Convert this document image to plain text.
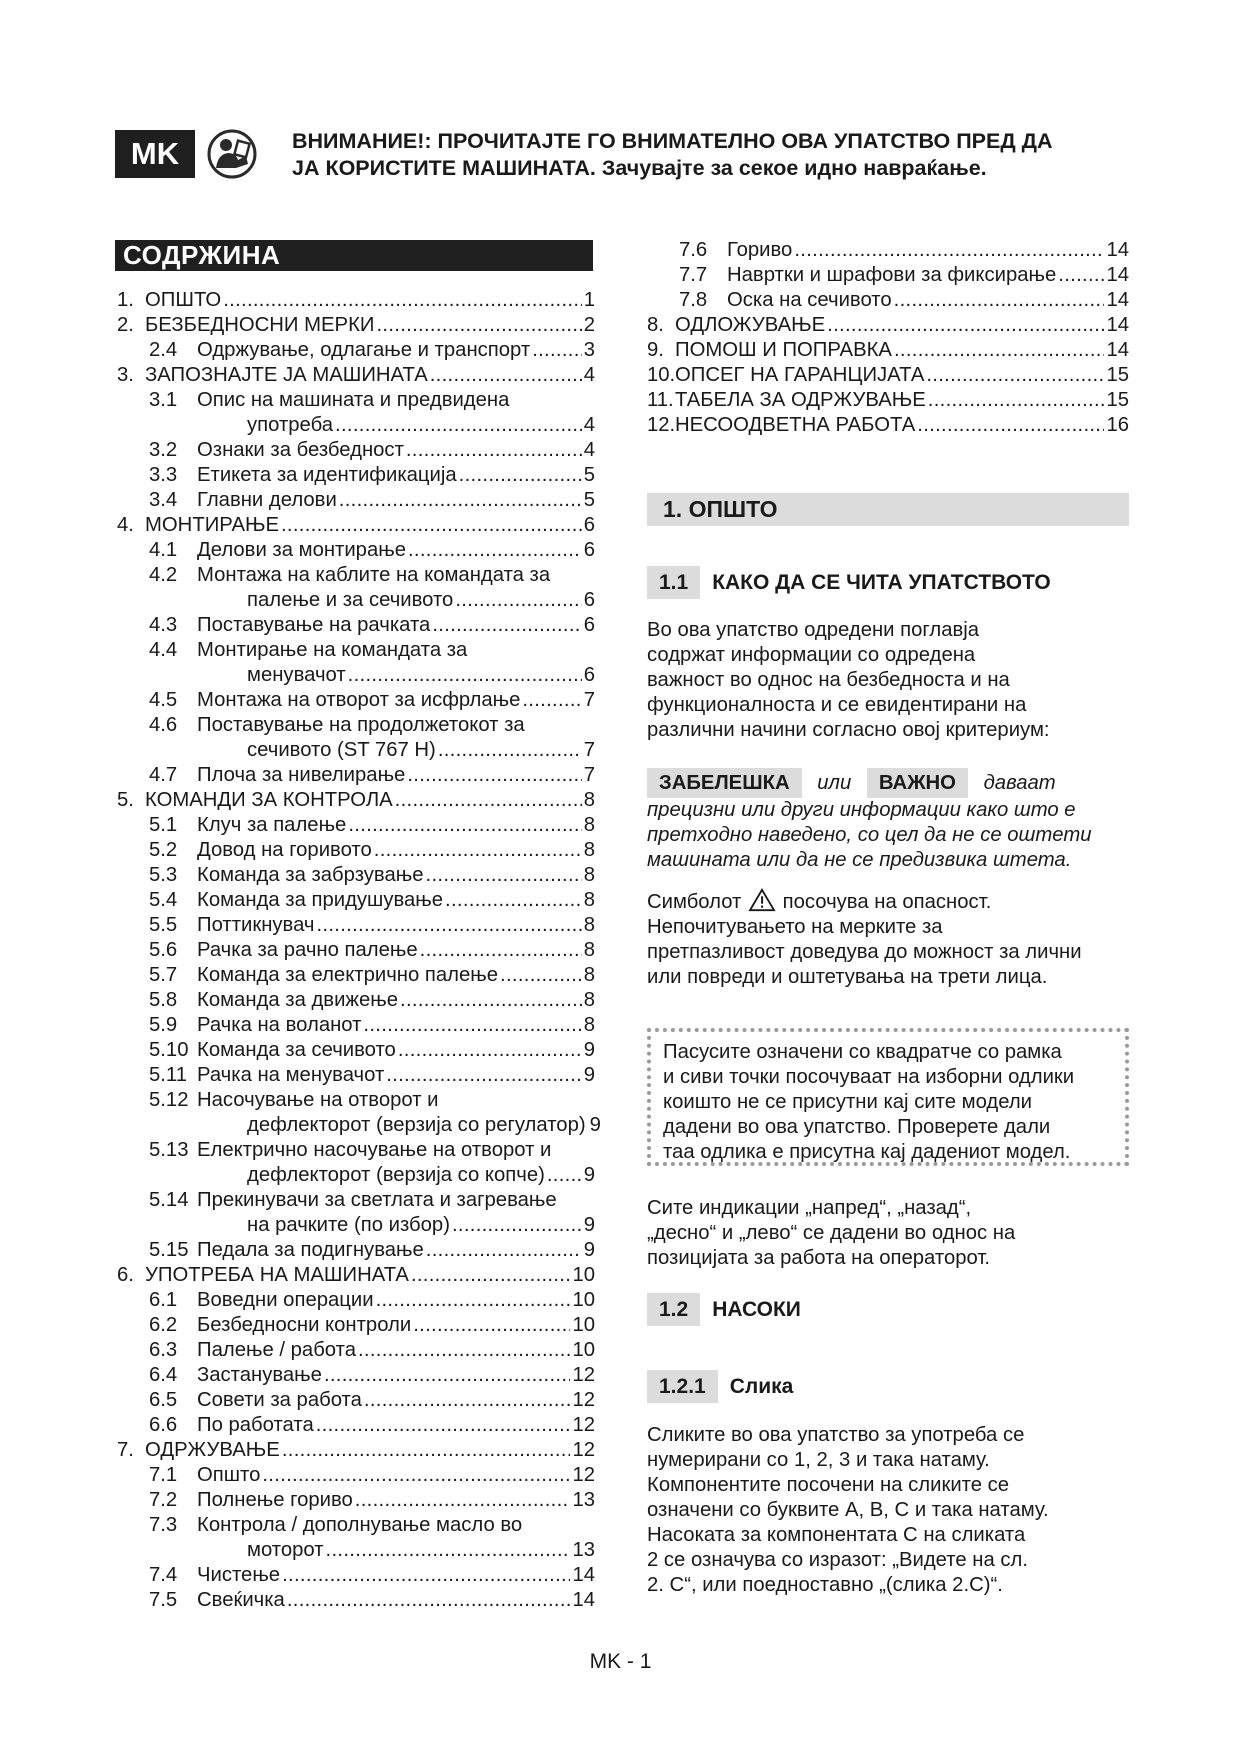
MK	ВНИМАНИЕ!: ПРОЧИТАЈТЕ ГО ВНИМАТЕЛНО ОВА УПАТСТВО ПРЕД ДА
ЈА КОРИСТИТЕ МАШИНАТА. Зачувајте за секое идно навраќање.
СОДРЖИНА
1. ОПШТО .....	1
2. БЕЗБЕДНОСНИ МЕРКИ .....	2
2.4 Одржување, одлагање и транспорт .....	3
3. ЗАПОЗНАЈТЕ ЈА МАШИНАТА .....	4
3.1 Опис на машината и предвидена
употреба .....	4
3.2 Ознаки за безбедност .....	4
3.3 Етикета за идентификација .....	5
3.4 Главни делови .....	5
4. МОНТИРАЊЕ .....	6
4.1 Делови за монтирање .....	6
4.2 Монтажа на каблите на командата за
палење и за сечивото .....	6
4.3 Поставување на рачката .....	6
4.4 Монтирање на командата за
менувачот .....	6
4.5 Монтажа на отворот за исфрлање .....	7
4.6 Поставување на продолжетокот за
сечивото (ST 767 H) .....	7
4.7 Плоча за нивелирање .....	7
5. КОМАНДИ ЗА КОНТРОЛА .....	8
5.1 Клуч за палење .....	8
5.2 Довод на горивото .....	8
5.3 Команда за забрзување .....	8
5.4 Команда за придушување .....	8
5.5 Поттикнувач .....	8
5.6 Рачка за рачно палење .....	8
5.7 Команда за електрично палење .....	8
5.8 Команда за движење .....	8
5.9 Рачка на воланот .....	8
5.10 Команда за сечивото .....	9
5.11 Рачка на менувачот .....	9
5.12 Насочување на отворот и
дефлекторот (верзија со регулатор) 9
5.13 Електрично насочување на отворот и
дефлекторот (верзија со копче) ..... 9
5.14 Прекинувачи за светлата и загревање
на рачките (по избор) .....	9
5.15 Педала за подигнување .....	9
6. УПОТРЕБА НА МАШИНАТА .....	10
6.1 Воведни операции .....	10
6.2 Безбедносни контроли .....	10
6.3 Палење / работа .....	10
6.4 Застанување .....	12
6.5 Совети за работа .....	12
6.6 По работата .....	12
7. ОДРЖУВАЊЕ .....	12
7.1 Општо .....	12
7.2 Полнење гориво .....	13
7.3 Контрола / дополнување масло во
моторот .....	13
7.4 Чистење .....	14
7.5 Свеќичка .....	14
7.6 Гориво .....	14
7.7 Навртки и шрафови за фиксирање ..... 14
7.8 Оска на сечивото .....	14
8. ОДЛОЖУВАЊЕ .....	14
9. ПОМОШ И ПОПРАВКА .....	14
10. ОПСЕГ НА ГАРАНЦИЈАТА .....	15
11. ТАБЕЛА ЗА ОДРЖУВАЊЕ .....	15
12. НЕСООДВЕТНА РАБОТА .....	16
1. ОПШТО
1.1	КАКО ДА СЕ ЧИТА УПАТСТВОТО
Во ова упатство одредени поглавја
содржат информации со одредена
важност во однос на безбедноста и на
функционалноста и се евидентирани на
различни начини согласно овој критериум:
ЗАБЕЛЕШКА или ВАЖНО даваат
прецизни или други информации како што е
претходно наведено, со цел да не се оштети
машината или да не се предизвика штета.
Симболот посочува на опасност.
Непочитувањето на мерките за
претпазливост доведува до можност за лични
или повреди и оштетувања на трети лица.
Пасусите означени со квадратче со рамка
и сиви точки посочуваат на изборни одлики
коишто не се присутни кај сите модели
дадени во ова упатство. Проверете дали
таа одлика е присутна кај дадениот модел.
Сите индикации „напред“, „назад“,
„десно“ и „лево“ се дадени во однос на
позицијата за работа на операторот.
1.2	НАСОКИ
1.2.1	Слика
Сликите во ова упатство за употреба се
нумерирани со 1, 2, 3 и така натаму.
Компонентите посочени на сликите се
означени со буквите А, В, С и така натаму.
Насоката за компонентата С на сликата
2 се означува со изразот: „Видете на сл.
2. С“, или поедноставно „(слика 2.С)“.
MK - 1
